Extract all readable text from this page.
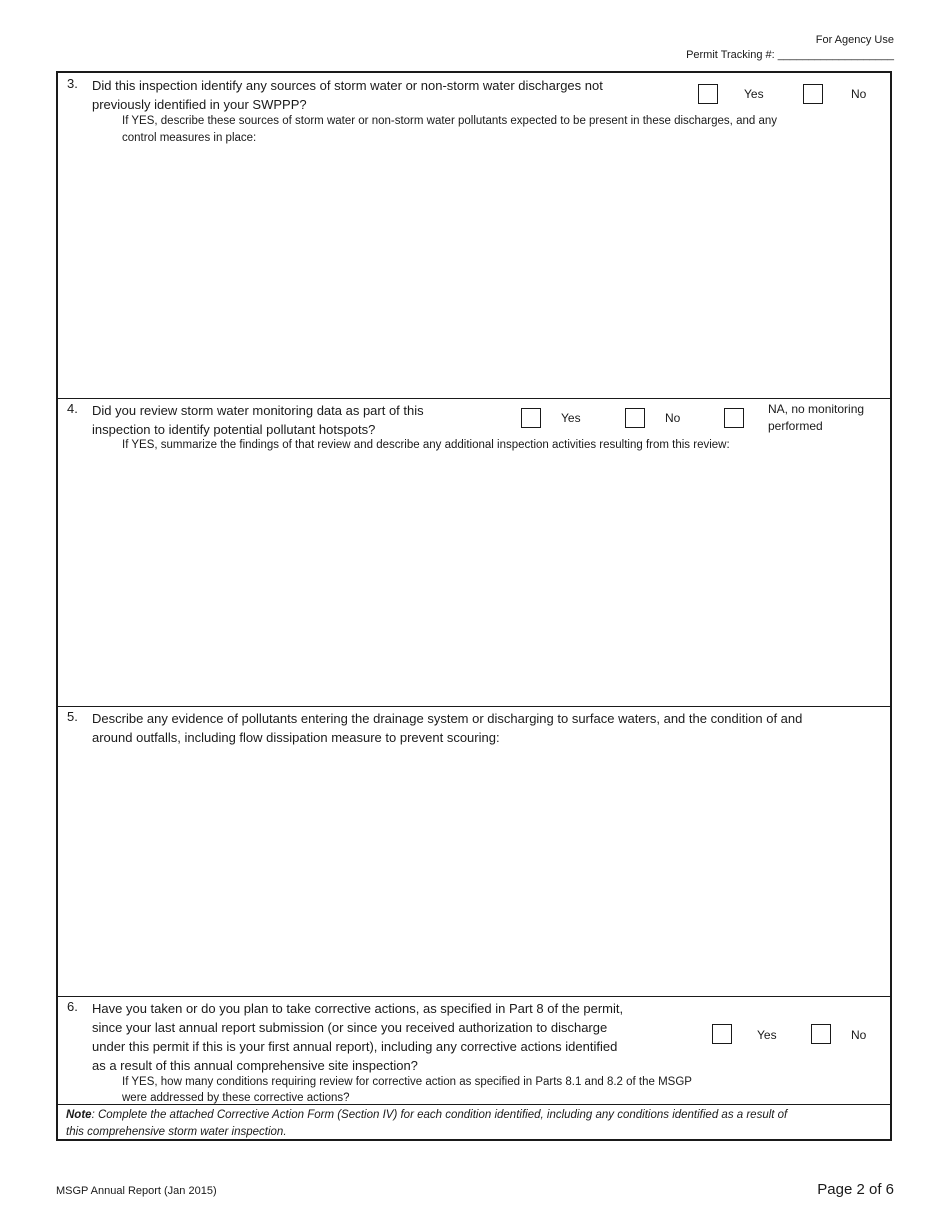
For Agency Use
Permit Tracking #: ___________________
3. Did this inspection identify any sources of storm water or non-storm water discharges not
previously identified in your SWPPP?
Yes	No
If YES, describe these sources of storm water or non-storm water pollutants expected to be present in these discharges, and any
control measures in place:
4. Did you review storm water monitoring data as part of this
inspection to identify potential pollutant hotspots?
Yes	No
NA, no monitoring
performed
If YES, summarize the findings of that review and describe any additional inspection activities resulting from this review:
5. Describe any evidence of pollutants entering the drainage system or discharging to surface waters, and the condition of and
around outfalls, including flow dissipation measure to prevent scouring:
6. Have you taken or do you plan to take corrective actions, as specified in Part 8 of the permit,
since your last annual report submission (or since you received authorization to discharge
under this permit if this is your first annual report), including any corrective actions identified
as a result of this annual comprehensive site inspection?
Yes	No
If YES, how many conditions requiring review for corrective action as specified in Parts 8.1 and 8.2 of the MSGP
were addressed by these corrective actions?
Note: Complete the attached Corrective Action Form (Section IV) for each condition identified, including any conditions identified as a result of
this comprehensive storm water inspection.
MSGP Annual Report (Jan 2015)	Page 2 of 6
